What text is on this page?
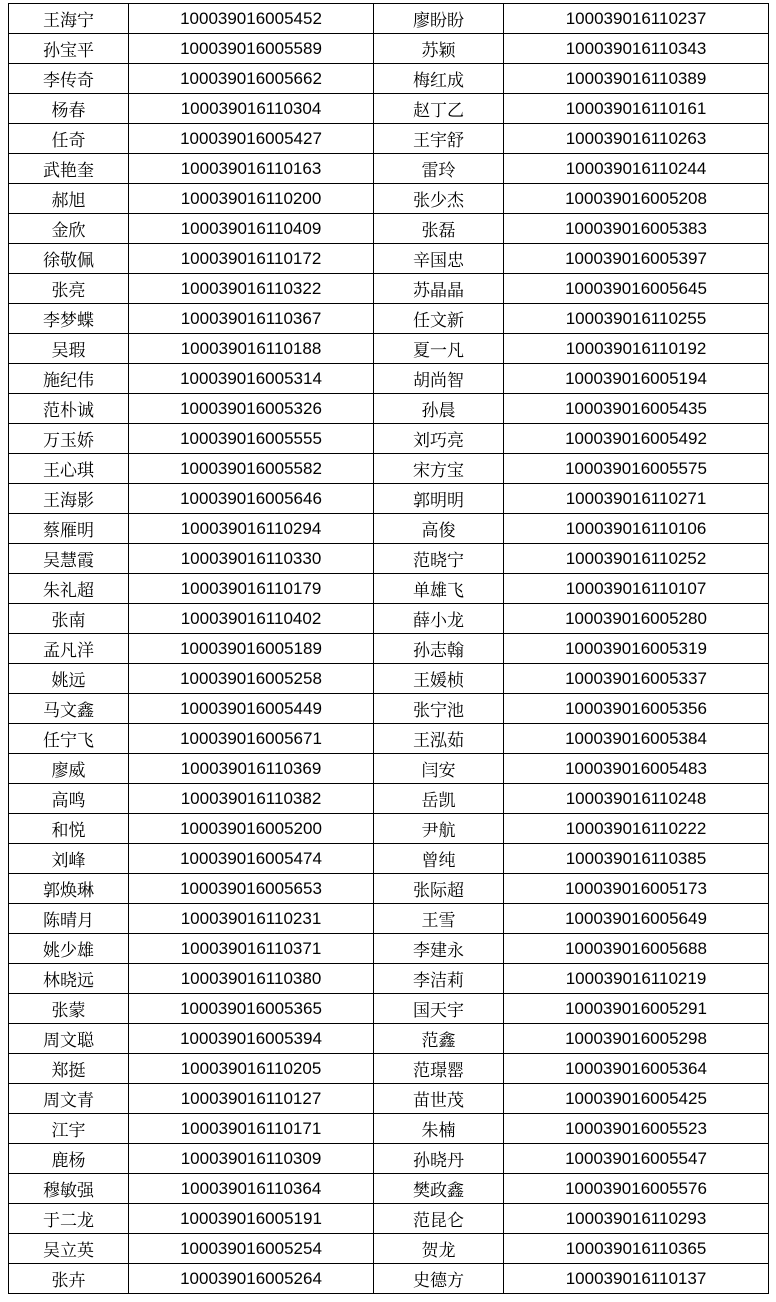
王海宁	100039016005452	廖盼盼	100039016110237
孙宝平	100039016005589	苏颖	100039016110343
李传奇	100039016005662	梅红成	100039016110389
杨春	100039016110304	赵丁乙	100039016110161
任奇	100039016005427	王宇舒	100039016110263
武艳奎	100039016110163	雷玲	100039016110244
郝旭	100039016110200	张少杰	100039016005208
金欣	100039016110409	张磊	100039016005383
徐敬佩	100039016110172	辛国忠	100039016005397
张亮	100039016110322	苏晶晶	100039016005645
李梦蝶	100039016110367	任文新	100039016110255
吴瑕	100039016110188	夏一凡	100039016110192
施纪伟	100039016005314	胡尚智	100039016005194
范朴诚	100039016005326	孙晨	100039016005435
万玉娇	100039016005555	刘巧亮	100039016005492
王心琪	100039016005582	宋方宝	100039016005575
王海影	100039016005646	郭明明	100039016110271
蔡雁明	100039016110294	高俊	100039016110106
吴慧霞	100039016110330	范晓宁	100039016110252
朱礼超	100039016110179	单雄飞	100039016110107
张南	100039016110402	薛小龙	100039016005280
孟凡洋	100039016005189	孙志翰	100039016005319
姚远	100039016005258	王媛桢	100039016005337
马文鑫	100039016005449	张宁池	100039016005356
任宁飞	100039016005671	王泓茹	100039016005384
廖威	100039016110369	闫安	100039016005483
高鸣	100039016110382	岳凯	100039016110248
和悦	100039016005200	尹航	100039016110222
刘峰	100039016005474	曾纯	100039016110385
郭焕琳	100039016005653	张际超	100039016005173
陈晴月	100039016110231	王雪	100039016005649
姚少雄	100039016110371	李建永	100039016005688
林晓远	100039016110380	李洁莉	100039016110219
张蒙	100039016005365	国天宇	100039016005291
周文聪	100039016005394	范鑫	100039016005298
郑挺	100039016110205	范璟罂	100039016005364
周文青	100039016110127	苗世茂	100039016005425
江宇	100039016110171	朱楠	100039016005523
鹿杨	100039016110309	孙晓丹	100039016005547
穆敏强	100039016110364	樊政鑫	100039016005576
于二龙	100039016005191	范昆仑	100039016110293
吴立英	100039016005254	贺龙	100039016110365
张卉	100039016005264	史德方	100039016110137
